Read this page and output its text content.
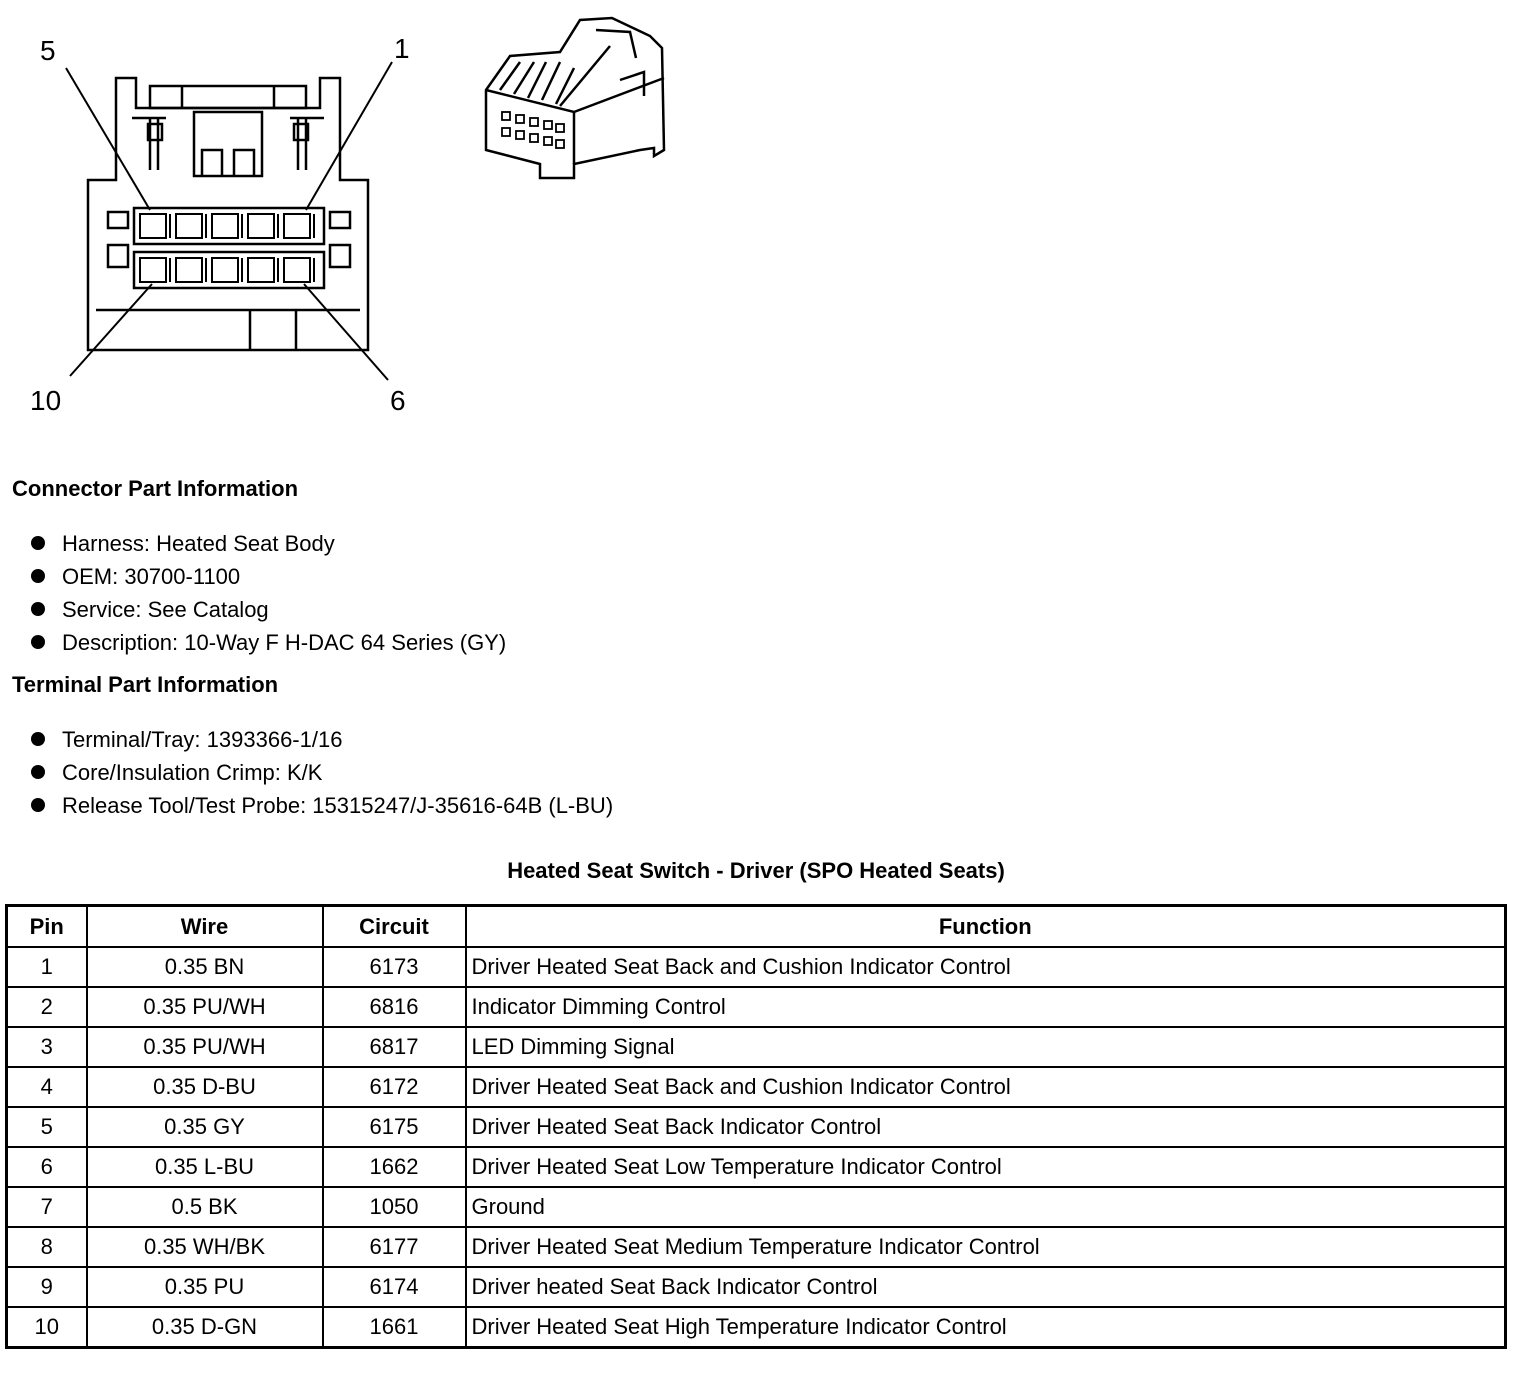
5	1
10	6
Connector Part Information
Harness: Heated Seat Body
OEM: 30700-1100
Service: See Catalog
Description: 10-Way F H-DAC 64 Series (GY)
Terminal Part Information
Terminal/Tray: 1393366-1/16
Core/Insulation Crimp: K/K
Release Tool/Test Probe: 15315247/J-35616-64B (L-BU)
Heated Seat Switch - Driver (SPO Heated Seats)
Pin	Wire	Circuit	Function
1	0.35 BN	6173	Driver Heated Seat Back and Cushion Indicator Control
2	0.35 PU/WH	6816	Indicator Dimming Control
3	0.35 PU/WH	6817	LED Dimming Signal
4	0.35 D-BU	6172	Driver Heated Seat Back and Cushion Indicator Control
5	0.35 GY	6175	Driver Heated Seat Back Indicator Control
6	0.35 L-BU	1662	Driver Heated Seat Low Temperature Indicator Control
7	0.5 BK	1050	Ground
8	0.35 WH/BK	6177	Driver Heated Seat Medium Temperature Indicator Control
9	0.35 PU	6174	Driver heated Seat Back Indicator Control
10	0.35 D-GN	1661	Driver Heated Seat High Temperature Indicator Control
